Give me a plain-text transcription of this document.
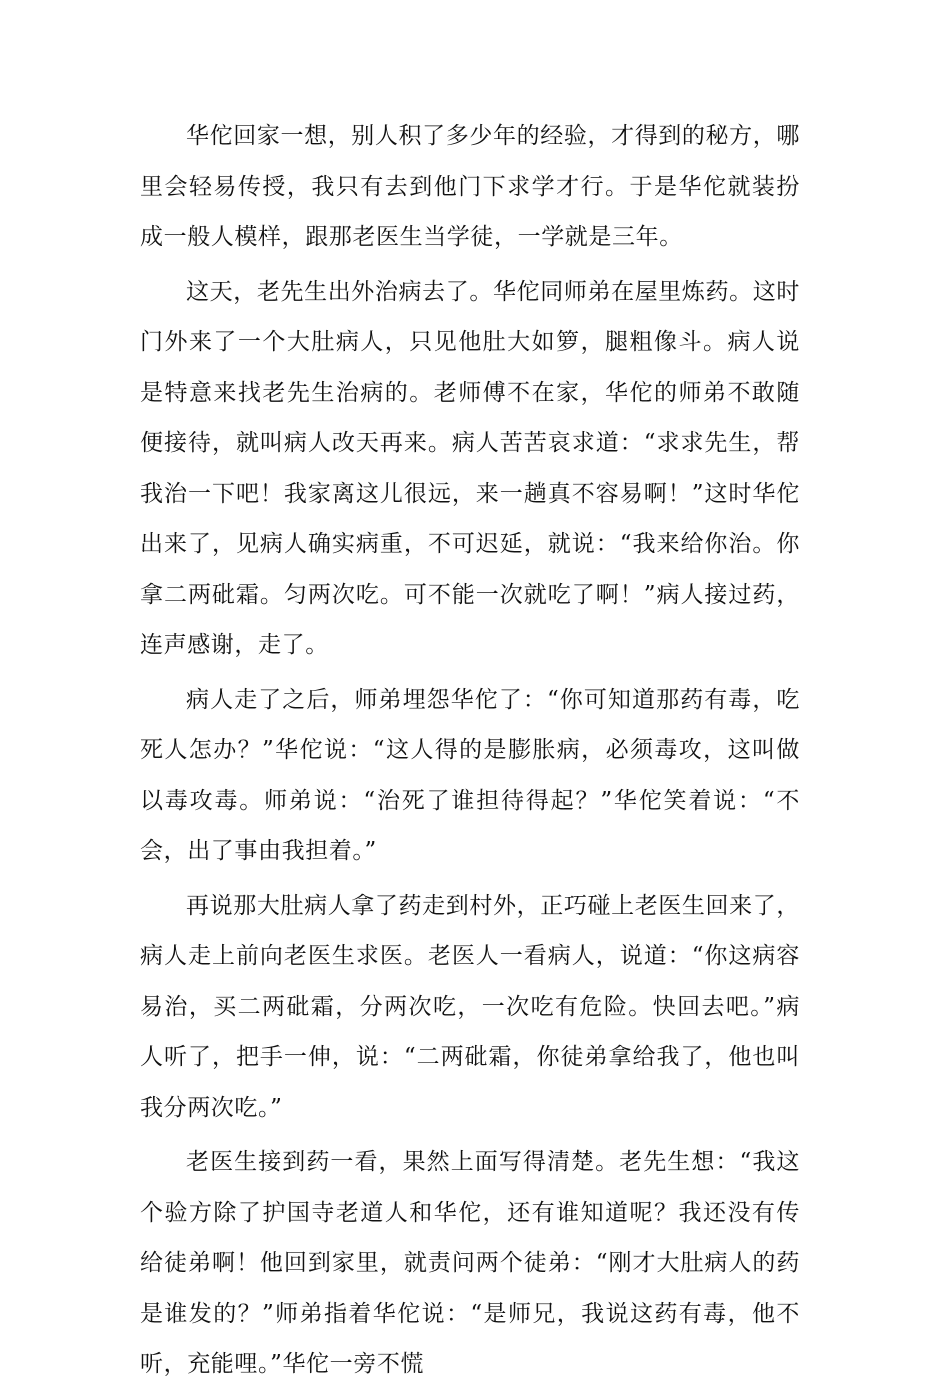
华佗回家一想，别人积了多少年的经验，才得到的秘方，哪里会轻易传授，我只有去到他门下求学才行。于是华佗就装扮成一般人模样，跟那老医生当学徒，一学就是三年。

这天，老先生出外治病去了。华佗同师弟在屋里炼药。这时门外来了一个大肚病人，只见他肚大如箩，腿粗像斗。病人说是特意来找老先生治病的。老师傅不在家，华佗的师弟不敢随便接待，就叫病人改天再来。病人苦苦哀求道：“求求先生，帮我治一下吧！我家离这儿很远，来一趟真不容易啊！”这时华佗出来了，见病人确实病重，不可迟延，就说：“我来给你治。你拿二两砒霜。匀两次吃。可不能一次就吃了啊！”病人接过药，连声感谢，走了。

病人走了之后，师弟埋怨华佗了：“你可知道那药有毒，吃死人怎办？”华佗说：“这人得的是膨胀病，必须毒攻，这叫做以毒攻毒。师弟说：“治死了谁担待得起？”华佗笑着说：“不会，出了事由我担着。”

再说那大肚病人拿了药走到村外，正巧碰上老医生回来了，病人走上前向老医生求医。老医人一看病人，说道：“你这病容易治，买二两砒霜，分两次吃，一次吃有危险。快回去吧。”病人听了，把手一伸，说：“二两砒霜，你徒弟拿给我了，他也叫我分两次吃。”

老医生接到药一看，果然上面写得清楚。老先生想：“我这个验方除了护国寺老道人和华佗，还有谁知道呢？我还没有传给徒弟啊！他回到家里，就责问两个徒弟：“刚才大肚病人的药是谁发的？”师弟指着华佗说：“是师兄，我说这药有毒，他不听，充能哩。”华佗一旁不慌
